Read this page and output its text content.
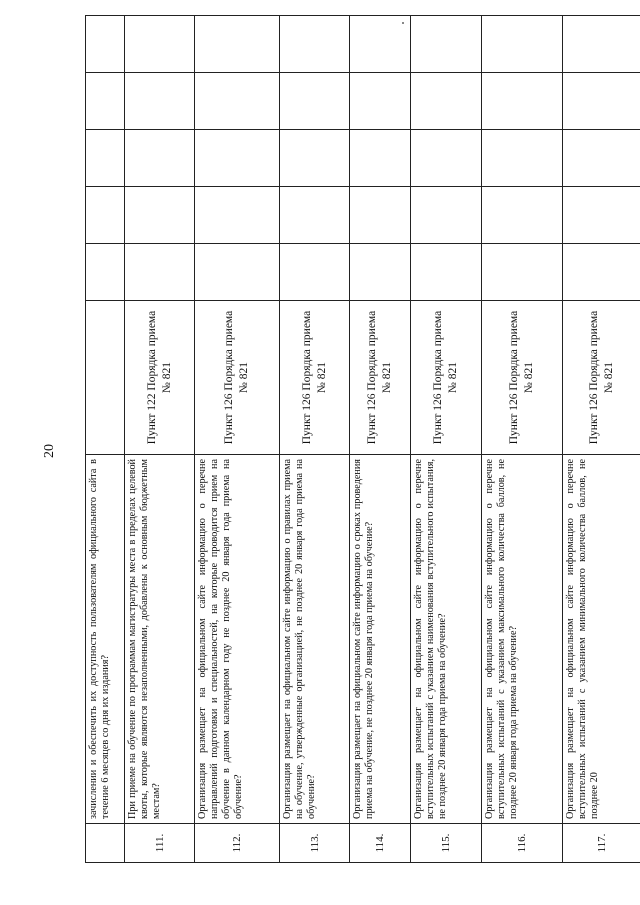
20
	зачислении и обеспечить их доступность пользователям официального сайта в течение 6 месяцев со дня их издания?						
111.	При приеме на обучение по программам магистратуры места в пределах целевой квоты, которые являются незаполненными, добавлены к основным бюджетным местам?	Пункт 122 Порядка приема № 821					
112.	Организация размещает на официальном сайте информацию о перечне направлений подготовки и специальностей, на которые проводится прием на обучение в данном календарном году не позднее 20 января года приема на обучение?	Пункт 126 Порядка приема № 821					
113.	Организация размещает на официальном сайте информацию о правилах приема на обучение, утвержденные организацией, не позднее 20 января года приема на обучение?	Пункт 126 Порядка приема № 821					
114.	Организация размещает на официальном сайте информацию о сроках проведения приема на обучение, не позднее 20 января года приема на обучение?	Пункт 126 Порядка приема № 821					
115.	Организация размещает на официальном сайте информацию о перечне вступительных испытаний с указанием наименования вступительного испытания, не позднее 20 января года приема на обучение?	Пункт 126 Порядка приема № 821					
116.	Организация размещает на официальном сайте информацию о перечне вступительных испытаний с указанием максимального количества баллов, не позднее 20 января года приема на обучение?	Пункт 126 Порядка приема № 821					
117.	Организация размещает на официальном сайте информацию о перечне вступительных испытаний с указанием минимального количества баллов, не позднее 20	Пункт 126 Порядка приема № 821					
